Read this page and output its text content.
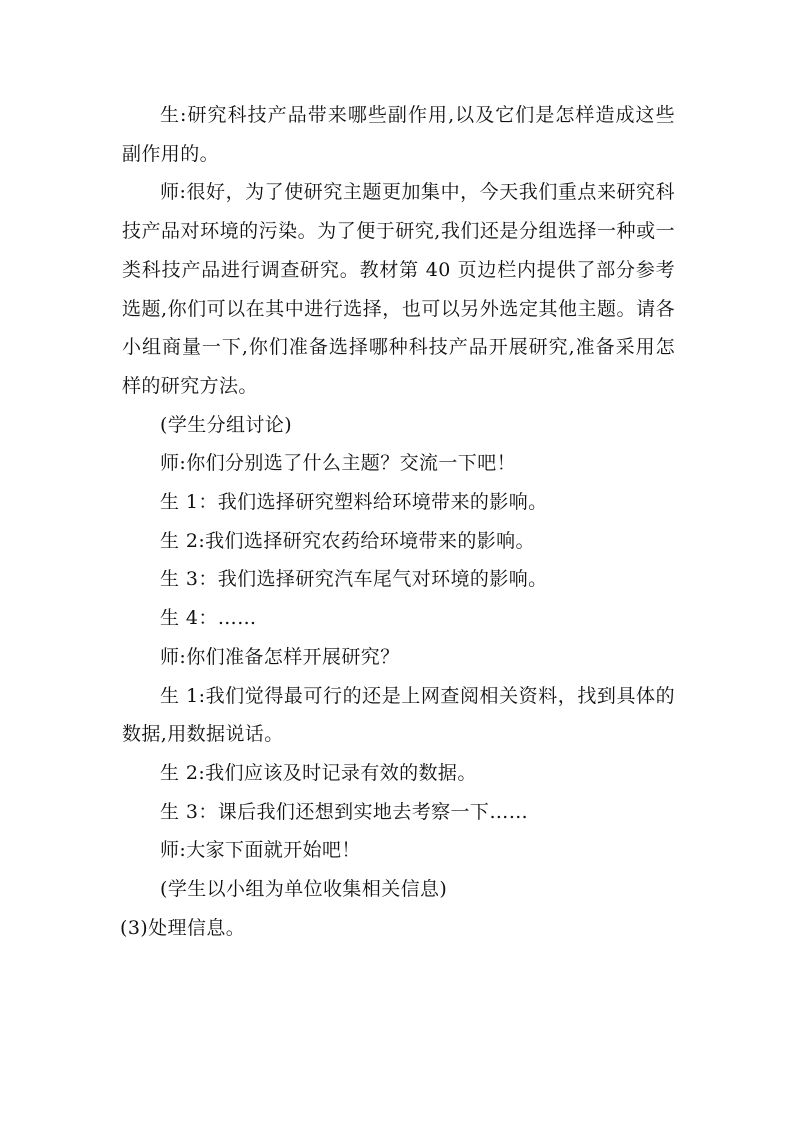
生:研究科技产品带来哪些副作用,以及它们是怎样造成这些副作用的。

师:很好，为了使研究主题更加集中，今天我们重点来研究科技产品对环境的污染。为了便于研究,我们还是分组选择一种或一类科技产品进行调查研究。教材第 40 页边栏内提供了部分参考选题,你们可以在其中进行选择，也可以另外选定其他主题。请各小组商量一下,你们准备选择哪种科技产品开展研究,准备采用怎样的研究方法。

(学生分组讨论)

师:你们分别选了什么主题？交流一下吧！

生 1：我们选择研究塑料给环境带来的影响。

生 2:我们选择研究农药给环境带来的影响。

生 3：我们选择研究汽车尾气对环境的影响。

生 4：……

师:你们准备怎样开展研究？

生 1:我们觉得最可行的还是上网查阅相关资料，找到具体的数据,用数据说话。

生 2:我们应该及时记录有效的数据。

生 3：课后我们还想到实地去考察一下……

师:大家下面就开始吧！

(学生以小组为单位收集相关信息)

(3)处理信息。
